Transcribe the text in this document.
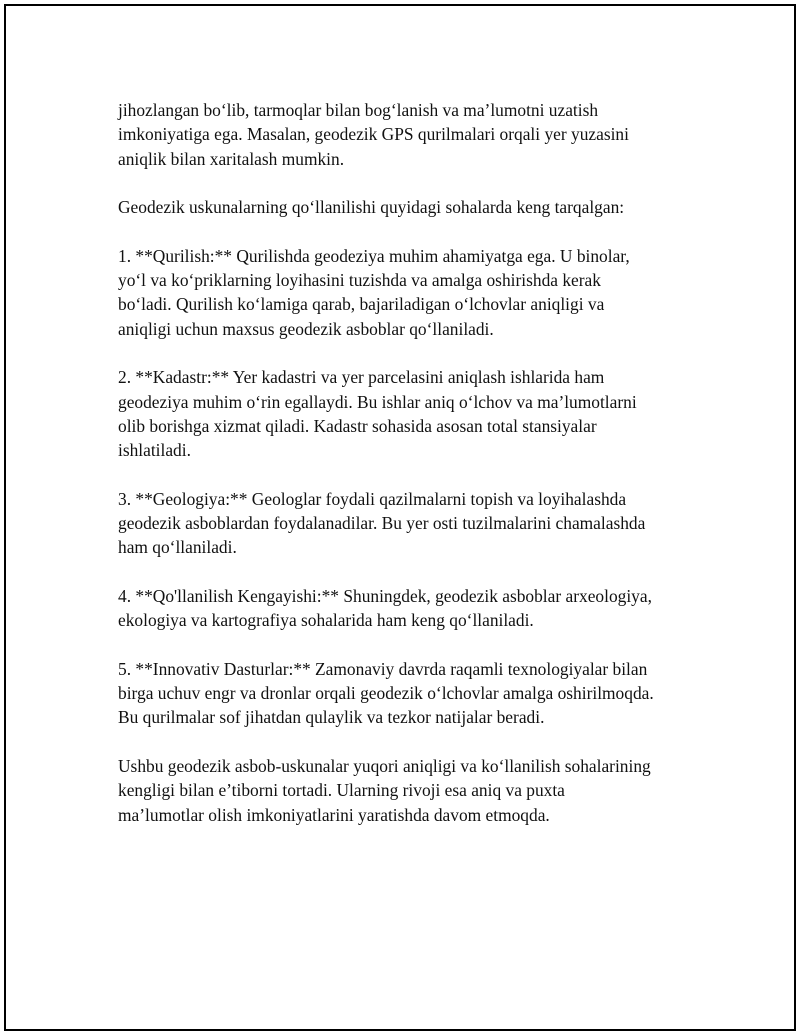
jihozlangan bo‘lib, tarmoqlar bilan bog‘lanish va ma’lumotni uzatish
imkoniyatiga ega. Masalan, geodezik GPS qurilmalari orqali yer yuzasini
aniqlik bilan xaritalash mumkin.

Geodezik uskunalarning qo‘llanilishi quyidagi sohalarda keng tarqalgan:

1. **Qurilish:** Qurilishda geodeziya muhim ahamiyatga ega. U binolar,
yo‘l va ko‘priklarning loyihasini tuzishda va amalga oshirishda kerak
bo‘ladi. Qurilish ko‘lamiga qarab, bajariladigan o‘lchovlar aniqligi va
aniqligi uchun maxsus geodezik asboblar qo‘llaniladi.

2. **Kadastr:** Yer kadastri va yer parcelasini aniqlash ishlarida ham
geodeziya muhim o‘rin egallaydi. Bu ishlar aniq o‘lchov va ma’lumotlarni
olib borishga xizmat qiladi. Kadastr sohasida asosan total stansiyalar
ishlatiladi.

3. **Geologiya:** Geologlar foydali qazilmalarni topish va loyihalashda
geodezik asboblardan foydalanadilar. Bu yer osti tuzilmalarini chamalashda
ham qo‘llaniladi.

4. **Qo'llanilish Kengayishi:** Shuningdek, geodezik asboblar arxeologiya,
ekologiya va kartografiya sohalarida ham keng qo‘llaniladi.

5. **Innovativ Dasturlar:** Zamonaviy davrda raqamli texnologiyalar bilan
birga uchuv engr va dronlar orqali geodezik o‘lchovlar amalga oshirilmoqda.
Bu qurilmalar sof jihatdan qulaylik va tezkor natijalar beradi.

Ushbu geodezik asbob-uskunalar yuqori aniqligi va ko‘llanilish sohalarining
kengligi bilan e’tiborni tortadi. Ularning rivoji esa aniq va puxta
ma’lumotlar olish imkoniyatlarini yaratishda davom etmoqda.
